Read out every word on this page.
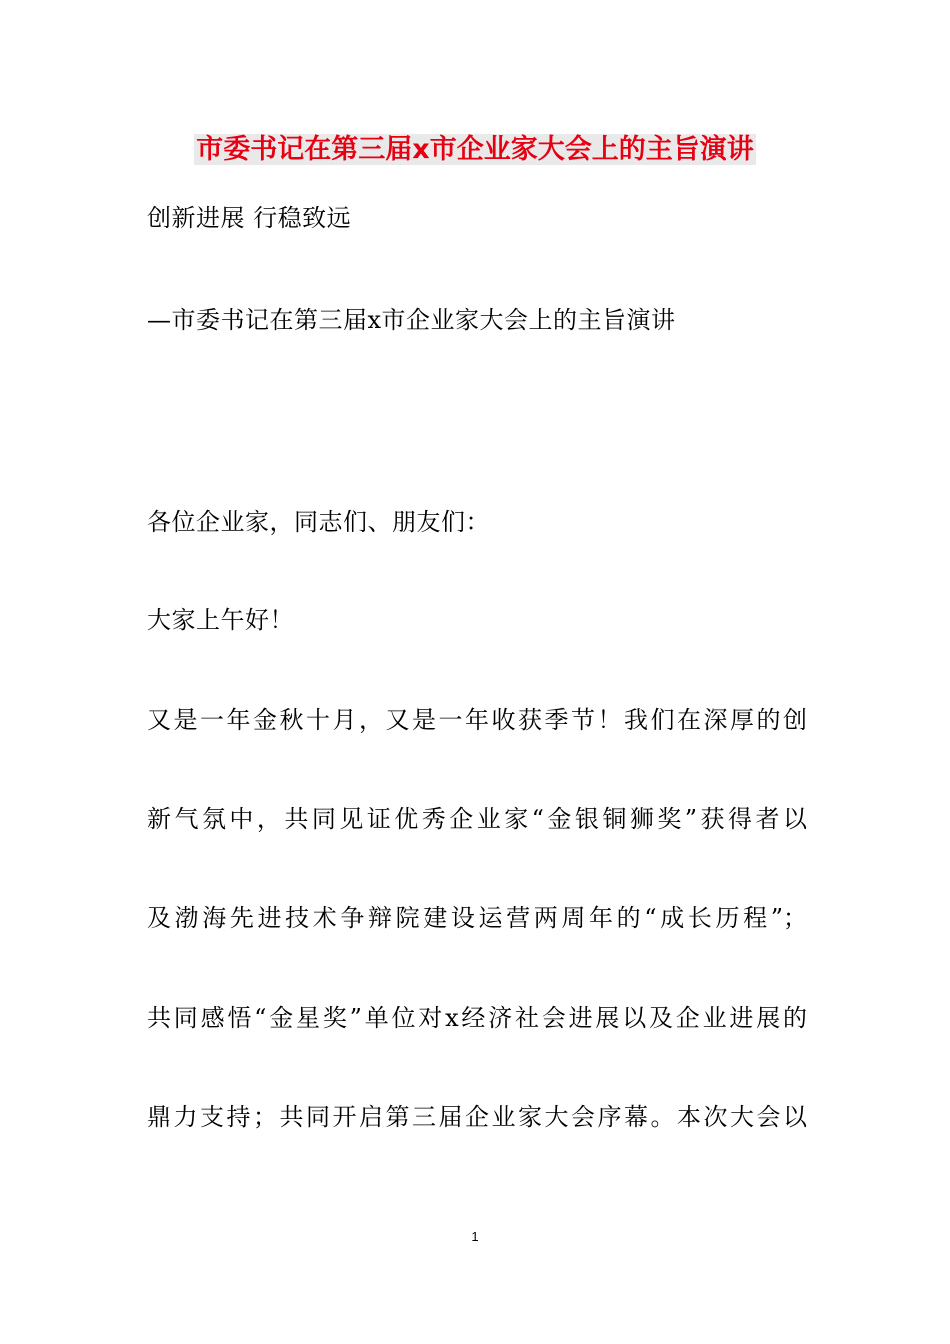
市委书记在第三届x市企业家大会上的主旨演讲
创新进展 行稳致远
—市委书记在第三届x市企业家大会上的主旨演讲
各位企业家，同志们、朋友们：
大家上午好！
又是一年金秋十月，又是一年收获季节！我们在深厚的创
新气氛中，共同见证优秀企业家“金银铜狮奖”获得者以
及渤海先进技术争辩院建设运营两周年的“成长历程”；
共同感悟“金星奖”单位对x经济社会进展以及企业进展的
鼎力支持；共同开启第三届企业家大会序幕。本次大会以
1
